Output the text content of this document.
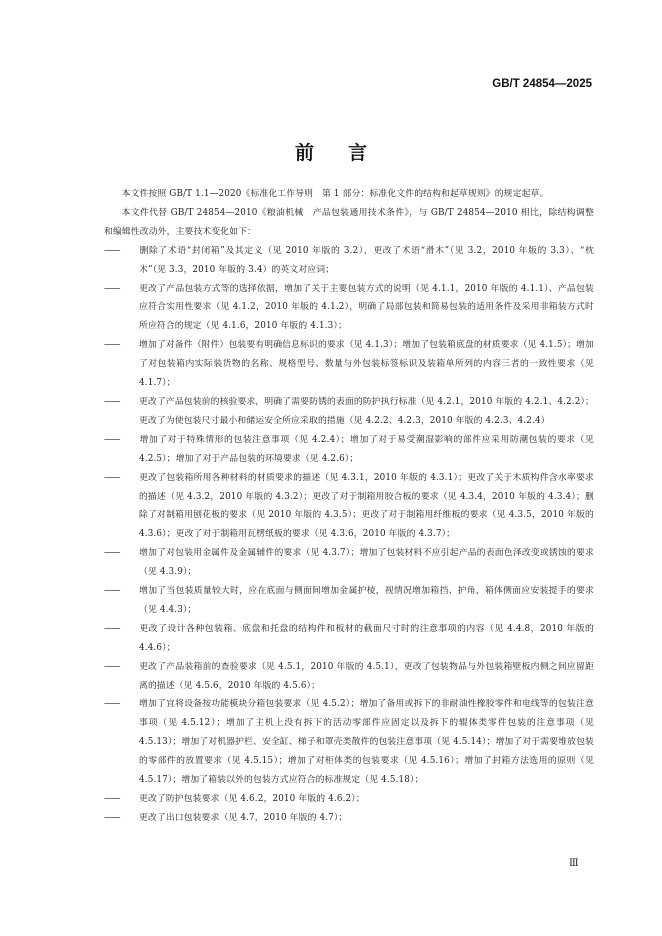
GB/T 24854—2025
前言

本文件按照 GB/T 1.1—2020《标准化工作导则　第 1 部分：标准化文件的结构和起草规则》的规定起草。

本文件代替 GB/T 24854—2010《粮油机械　产品包装通用技术条件》，与 GB/T 24854—2010 相比，除结构调整和编辑性改动外，主要技术变化如下：

—— 删除了术语“封闭箱”及其定义（见 2010 年版的 3.2），更改了术语“滑木”（见 3.2，2010 年版的 3.3）、“枕木”（见 3.3，2010 年版的 3.4）的英文对应词；

—— 更改了产品包装方式等的选择依据，增加了关于主要包装方式的说明（见 4.1.1，2010 年版的 4.1.1）、产品包装应符合实用性要求（见 4.1.2，2010 年版的 4.1.2），明确了局部包装和简易包装的适用条件及采用非箱装方式时所应符合的规定（见 4.1.6，2010 年版的 4.1.3）；

—— 增加了对备件（附件）包装要有明确信息标识的要求（见 4.1.3）；增加了包装箱底盘的材质要求（见 4.1.5）；增加了对包装箱内实际装货物的名称、规格型号、数量与外包装标签标识及装箱单所列的内容三者的一致性要求（见 4.1.7）；

—— 更改了产品包装前的核验要求，明确了需要防锈的表面的防护执行标准（见 4.2.1，2010 年版的 4.2.1、4.2.2）；更改了为使包装尺寸最小和储运安全所应采取的措施（见 4.2.2、4.2.3，2010 年版的 4.2.3、4.2.4）

—— 增加了对于特殊情形的包装注意事项（见 4.2.4）；增加了对于易受潮湿影响的部件应采用防潮包装的要求（见 4.2.5）；增加了对于产品包装的环境要求（见 4.2.6）；

—— 更改了包装箱所用各种材料的材质要求的描述（见 4.3.1，2010 年版的 4.3.1）；更改了关于木质构件含水率要求的描述（见 4.3.2，2010 年版的 4.3.2）；更改了对于制箱用胶合板的要求（见 4.3.4，2010 年版的 4.3.4）；删除了对制箱用刨花板的要求（见 2010 年版的 4.3.5）；更改了对于制箱用纤维板的要求（见 4.3.5，2010 年版的 4.3.6）；更改了对于制箱用瓦楞纸板的要求（见 4.3.6，2010 年版的 4.3.7）；

—— 增加了对包装用金属件及金属辅件的要求（见 4.3.7）；增加了包装材料不应引起产品的表面色泽改变或锈蚀的要求（见 4.3.9）；

—— 增加了当包装质量较大时，应在底面与侧面间增加金属护棱，视情况增加箱挡、护角，箱体侧面应安装提手的要求（见 4.4.3）；

—— 更改了设计各种包装箱、底盘和托盘的结构件和板材的截面尺寸时的注意事项的内容（见 4.4.8，2010 年版的 4.4.6）；

—— 更改了产品装箱前的查验要求（见 4.5.1，2010 年版的 4.5.1），更改了包装物品与外包装箱壁板内侧之间应留距离的描述（见 4.5.6，2010 年版的 4.5.6）；

—— 增加了宜将设备按功能模块分箱包装要求（见 4.5.2）；增加了备用或拆下的非耐油性橡胶零件和电线等的包装注意事项（见 4.5.12）；增加了主机上没有拆下的活动零部件应固定以及拆下的辊体类零件包装的注意事项（见 4.5.13）；增加了对机器护栏、安全缸、梯子和罩壳类散件的包装注意事项（见 4.5.14）；增加了对于需要堆放包装的零部件的放置要求（见 4.5.15）；增加了对柜体类的包装要求（见 4.5.16）；增加了封箱方法选用的原则（见 4.5.17）；增加了箱装以外的包装方式应符合的标准规定（见 4.5.18）；

—— 更改了防护包装要求（见 4.6.2，2010 年版的 4.6.2）；

—— 更改了出口包装要求（见 4.7，2010 年版的 4.7）；

Ⅲ
